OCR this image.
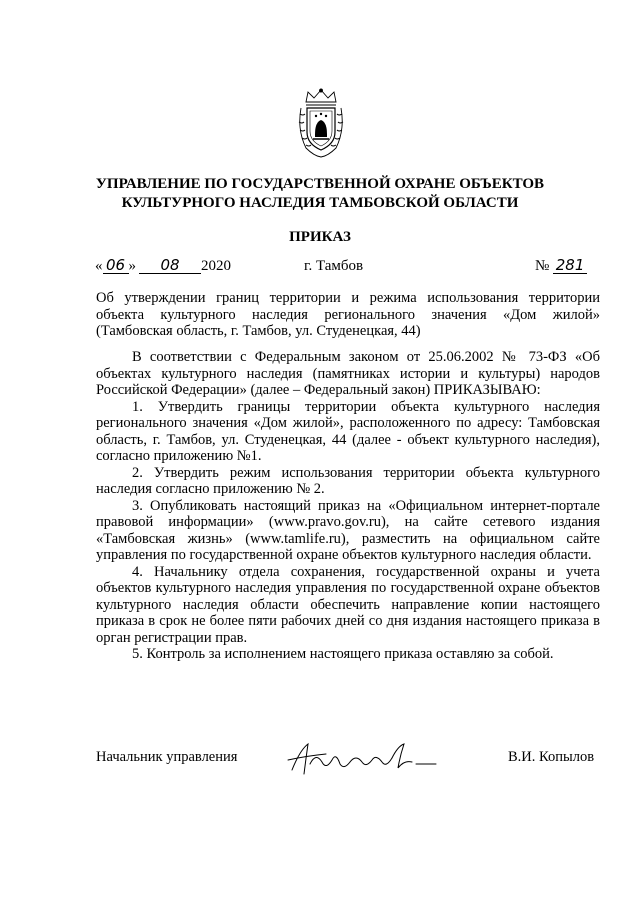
УПРАВЛЕНИЕ ПО ГОСУДАРСТВЕННОЙ ОХРАНЕ ОБЪЕКТОВ
КУЛЬТУРНОГО НАСЛЕДИЯ ТАМБОВСКОЙ ОБЛАСТИ
ПРИКАЗ
« 06 » 08 2020	г. Тамбов	№ 281
Об утверждении границ территории и режима использования территории объекта культурного наследия регионального значения «Дом жилой» (Тамбовская область, г. Тамбов, ул. Студенецкая, 44)

В соответствии с Федеральным законом от 25.06.2002 № 73-ФЗ «Об объектах культурного наследия (памятниках истории и культуры) народов Российской Федерации» (далее – Федеральный закон) ПРИКАЗЫВАЮ:

1. Утвердить границы территории объекта культурного наследия регионального значения «Дом жилой», расположенного по адресу: Тамбовская область, г. Тамбов, ул. Студенецкая, 44 (далее - объект культурного наследия), согласно приложению №1.

2. Утвердить режим использования территории объекта культурного наследия согласно приложению № 2.

3. Опубликовать настоящий приказ на «Официальном интернет-портале правовой информации» (www.pravo.gov.ru), на сайте сетевого издания «Тамбовская жизнь» (www.tamlife.ru), разместить на официальном сайте управления по государственной охране объектов культурного наследия области.

4. Начальнику отдела сохранения, государственной охраны и учета объектов культурного наследия управления по государственной охране объектов культурного наследия области обеспечить направление копии настоящего приказа в срок не более пяти рабочих дней со дня издания настоящего приказа в орган регистрации прав.

5. Контроль за исполнением настоящего приказа оставляю за собой.

Начальник управления	В.И. Копылов
